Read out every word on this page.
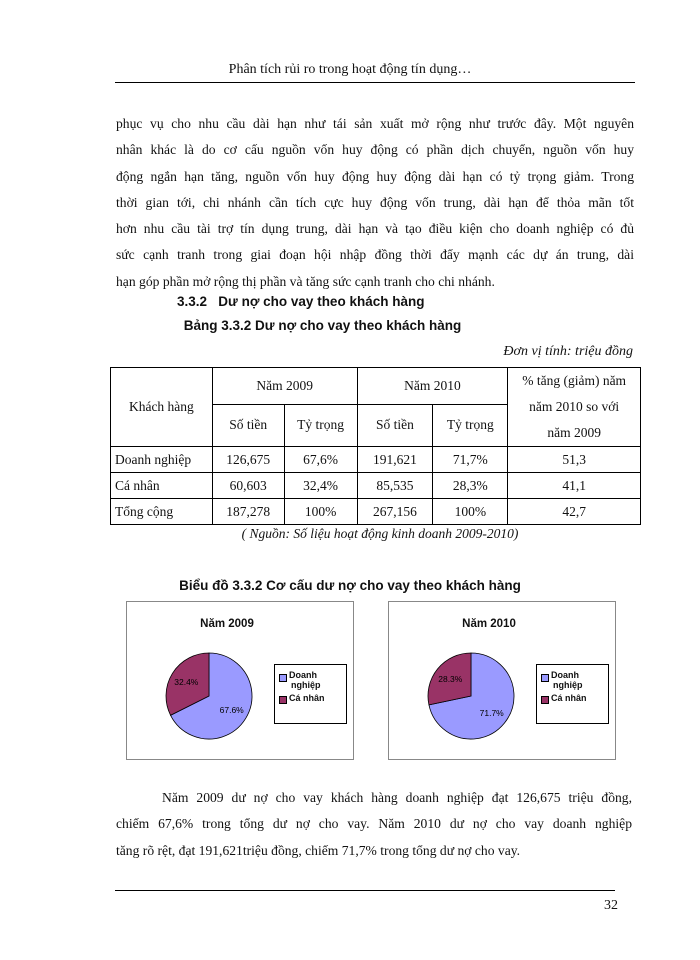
Phân tích rủi ro trong hoạt động tín dụng…
phục vụ cho nhu cầu dài hạn như tái sản xuất mở rộng như trước đây. Một nguyên
nhân khác là do cơ cấu nguồn vốn huy động có phần dịch chuyển, nguồn vốn huy
động ngắn hạn tăng, nguồn vốn huy động huy động dài hạn có tỷ trọng giảm. Trong
thời gian tới, chi nhánh cần tích cực huy động vốn trung, dài hạn để thỏa mãn tốt
hơn nhu cầu tài trợ tín dụng trung, dài hạn và tạo điều kiện cho doanh nghiệp có đủ
sức cạnh tranh trong giai đoạn hội nhập đồng thời đẩy mạnh các dự án trung, dài
hạn góp phần mở rộng thị phần và tăng sức cạnh tranh cho chi nhánh.
3.3.2 Dư nợ cho vay theo khách hàng
Bảng 3.3.2 Dư nợ cho vay theo khách hàng
Đơn vị tính: triệu đồng
Khách hàng	Năm 2009		Năm 2010		% tăng (giảm) năm
năm 2010 so với
năm 2009

	Số tiền	Tỷ trọng	Số tiền	Tỷ trọng	
Doanh nghiệp	126,675	67,6%	191,621	71,7%	51,3
Cá nhân	60,603	32,4%	85,535	28,3%	41,1
Tổng cộng	187,278	100%	267,156	100%	42,7
( Nguồn: Số liệu hoạt động kinh doanh 2009-2010)
Biểu đồ 3.3.2 Cơ cấu dư nợ cho vay theo khách hàng
Năm 2009
67.6%
32.4%
Doanh
nghiệp
Cá nhân
Năm 2010
71.7%
28.3%	Doanh
nghiệp
Cá nhân
Năm 2009 dư nợ cho vay khách hàng doanh nghiệp đạt 126,675 triệu đồng,
chiếm 67,6% trong tổng dư nợ cho vay. Năm 2010 dư nợ cho vay doanh nghiệp
tăng rõ rệt, đạt 191,621triệu đồng, chiếm 71,7% trong tổng dư nợ cho vay.
32
